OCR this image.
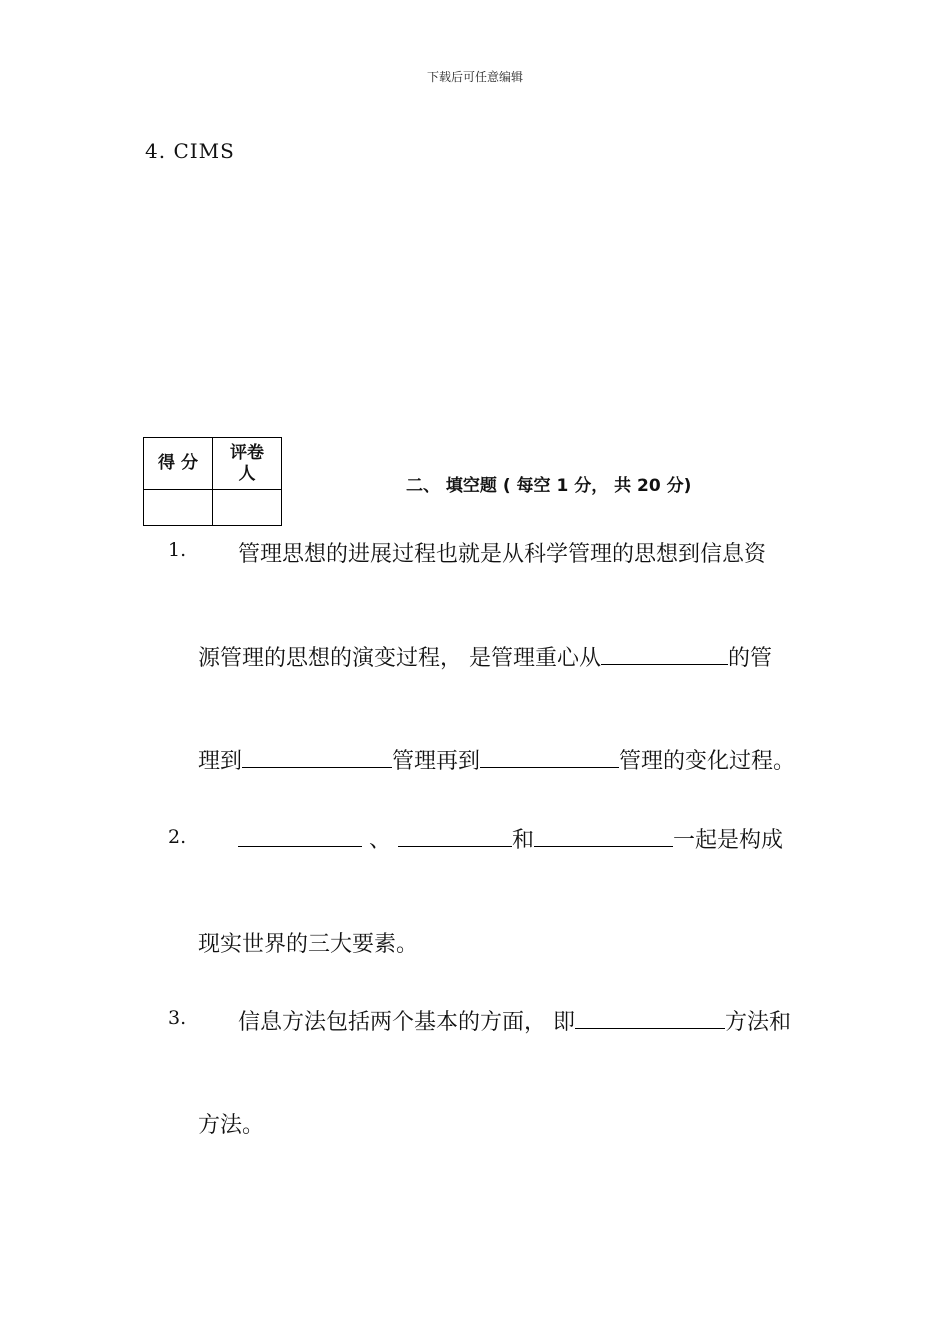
下载后可任意编辑
4. CIMS
得 分	评卷
人

二、 填空题 ( 每空 1 分， 共 20 分)
1. 管理思想的进展过程也就是从科学管理的思想到信息资
源管理的思想的演变过程， 是管理重心从	的管
理到	管理再到	管理的变化过程。
2.	、	和	一起是构成
现实世界的三大要素。
3. 信息方法包括两个基本的方面， 即	方法和
方法。
